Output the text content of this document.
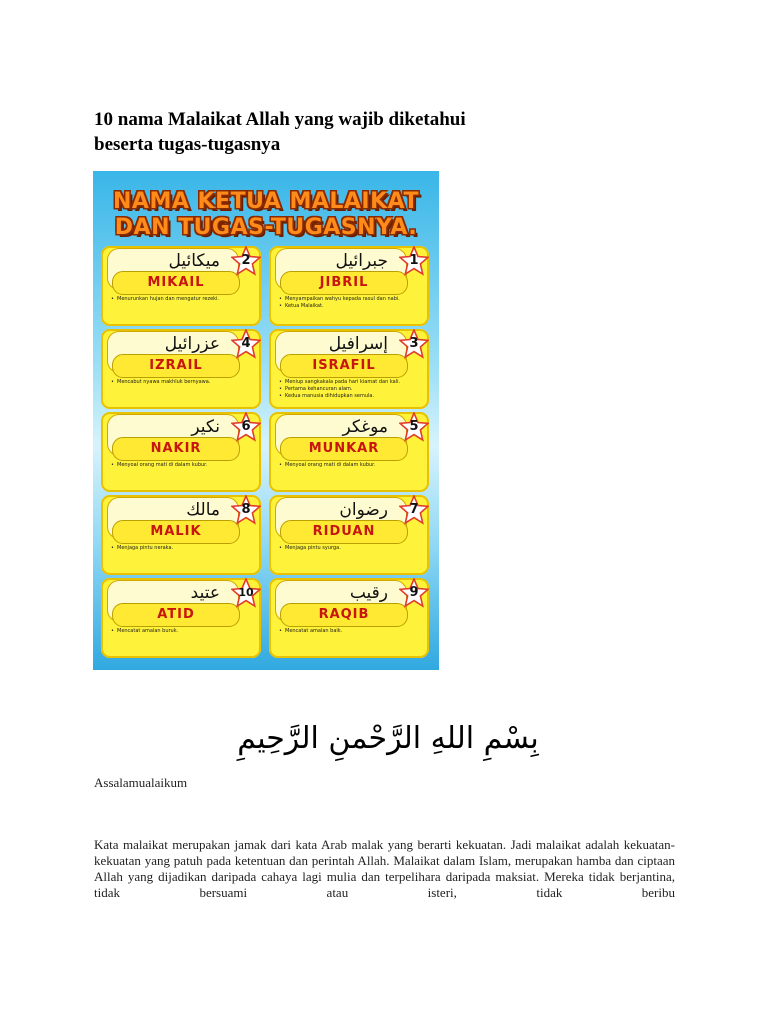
10 nama Malaikat Allah yang wajib diketahui
beserta tugas-tugasnya
NAMA KETUA MALAIKAT
DAN TUGAS-TUGASNYA.
ميكائيل
MIKAIL
2
• Menurunkan hujan dan mengatur rezeki.
جبرائيل
JIBRIL
1
• Menyampaikan wahyu kepada rasul dan nabi.
• Ketua Malaikat.
عزرائيل
IZRAIL
4
• Mencabut nyawa makhluk bernyawa.
إسرافيل
ISRAFIL
3
• Meniup sangkakala pada hari kiamat dan kali.
• Pertama kehancuran alam.
• Kedua manusia dihidupkan semula.
نكير
NAKIR
6
• Menyoal orang mati di dalam kubur.
موغكر
MUNKAR
5
• Menyoal orang mati di dalam kubur.
مالك
MALIK
8
• Menjaga pintu neraka.
رضوان
RIDUAN
7
• Menjaga pintu syurga.
عتيد
ATID
10
• Mencatat amalan buruk.
رقيب
RAQIB
9
• Mencatat amalan baik.
بِسْمِ اللهِ الرَّحْمنِ الرَّحِيمِ
Assalamualaikum

Kata malaikat merupakan jamak dari kata Arab malak yang berarti kekuatan. Jadi malaikat adalah kekuatan-kekuatan yang patuh pada ketentuan dan perintah Allah. Malaikat dalam Islam, merupakan hamba dan ciptaan Allah yang dijadikan daripada cahaya lagi mulia dan terpelihara daripada maksiat. Mereka tidak berjantina, tidak bersuami atau isteri, tidak beribu
